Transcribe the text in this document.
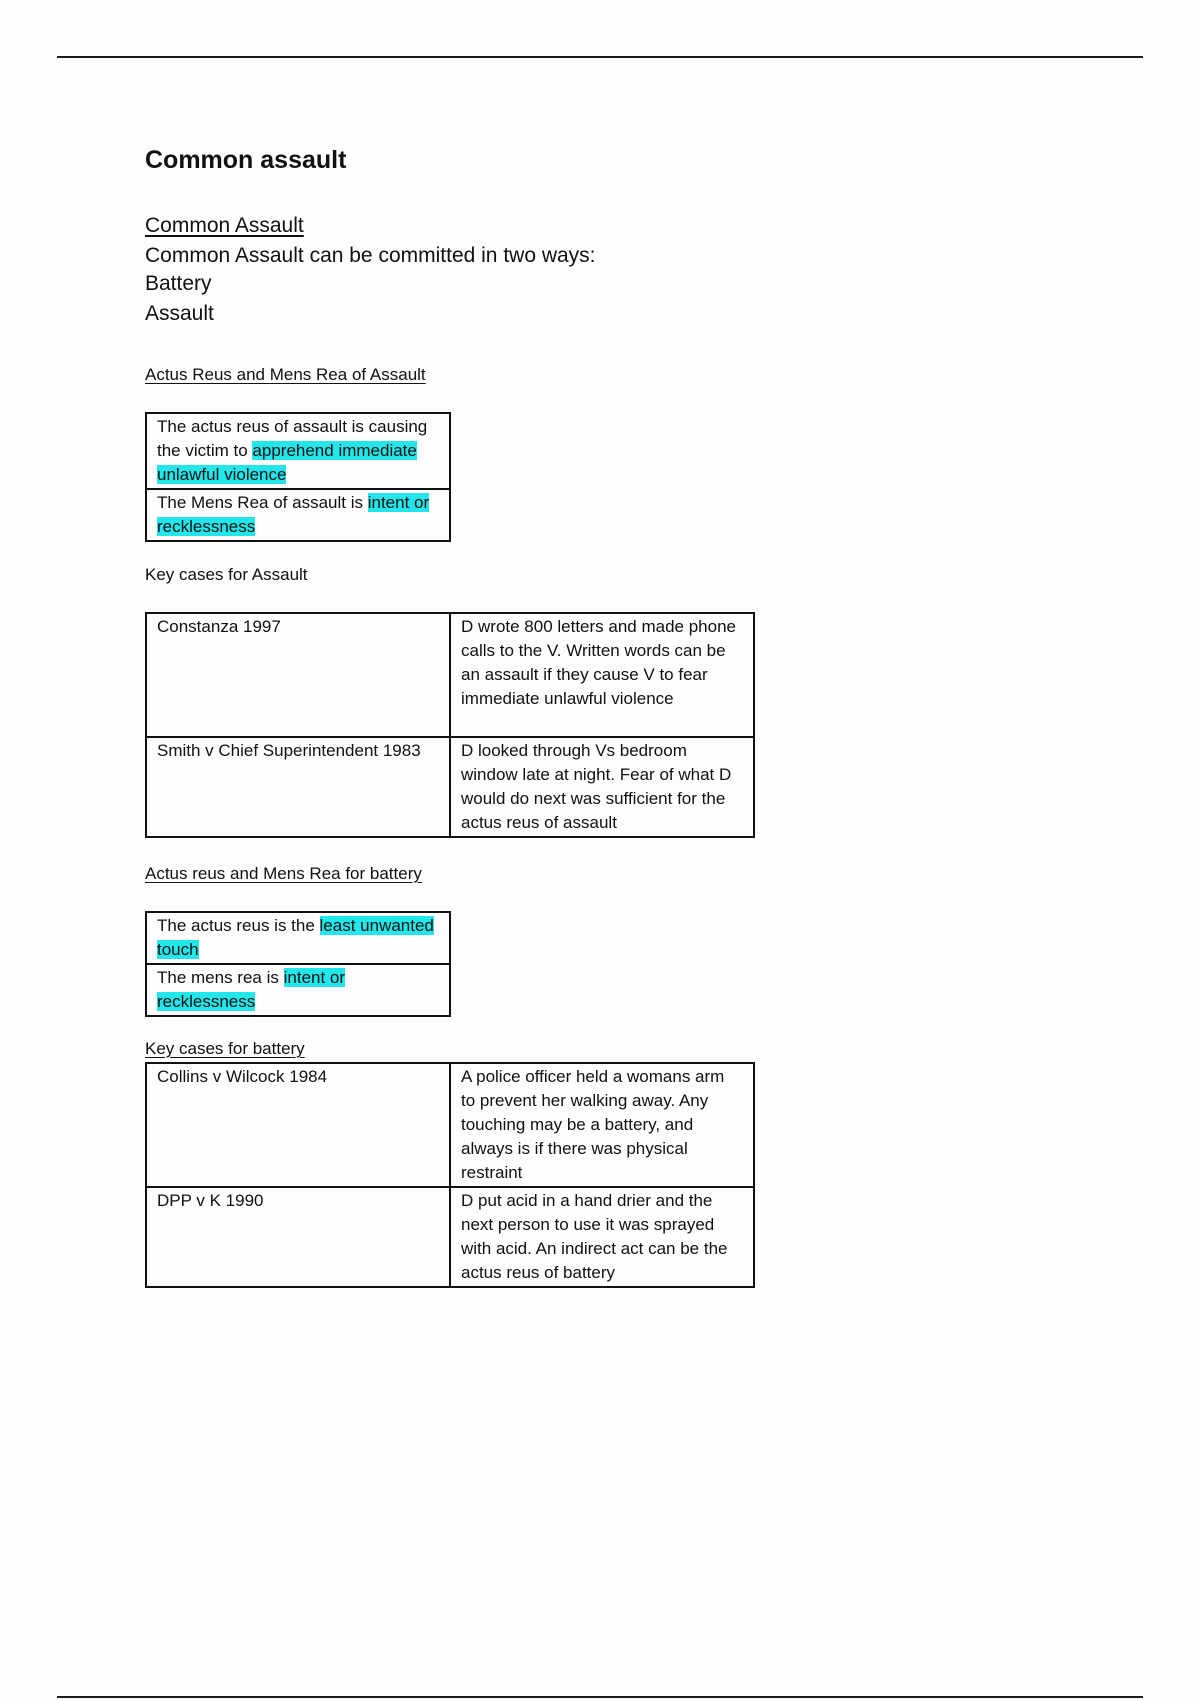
Common assault
Common Assault
Common Assault can be committed in two ways:
Battery
Assault
Actus Reus and Mens Rea of Assault
The actus reus of assault is causing the victim to apprehend immediate unlawful violence
The Mens Rea of assault is intent or recklessness
Key cases for Assault
Constanza 1997	D wrote 800 letters and made phone calls to the V. Written words can be an assault if they cause V to fear immediate unlawful violence
Smith v Chief Superintendent 1983	D looked through Vs bedroom window late at night. Fear of what D would do next was sufficient for the actus reus of assault
Actus reus and Mens Rea for battery
The actus reus is the least unwanted touch
The mens rea is intent or recklessness
Key cases for battery
Collins v Wilcock 1984	A police officer held a womans arm to prevent her walking away. Any touching may be a battery, and always is if there was physical restraint
DPP v K 1990	D put acid in a hand drier and the next person to use it was sprayed with acid. An indirect act can be the actus reus of battery
